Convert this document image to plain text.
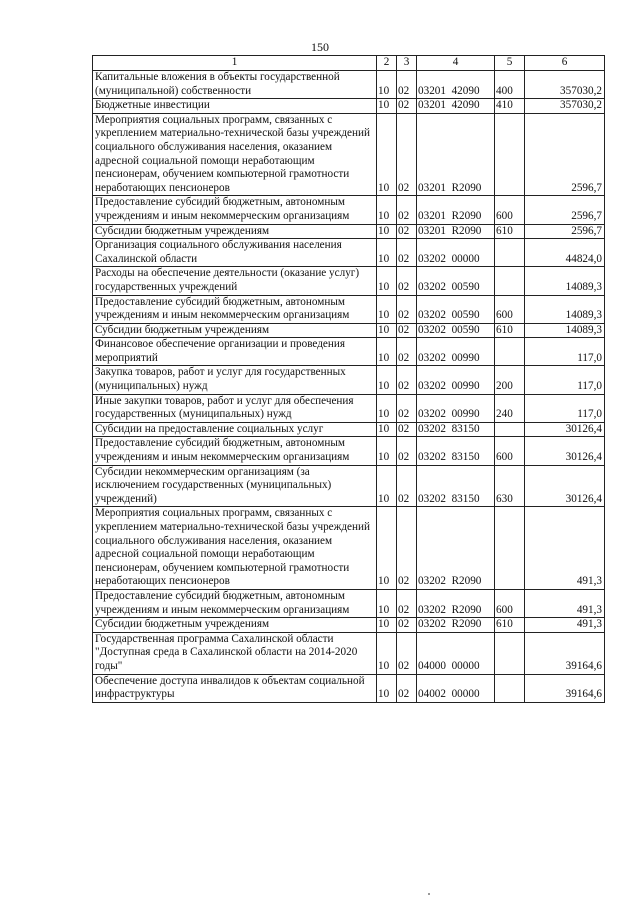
150
1	2	3	4	5	6
Капитальные вложения в объекты государственной (муниципальной) собственности	10	02	03201  42090	400	357030,2
Бюджетные инвестиции	10	02	03201  42090	410	357030,2
Мероприятия социальных программ, связанных с укреплением материально-технической базы учреждений социального обслуживания населения, оказанием адресной социальной помощи неработающим пенсионерам, обучением компьютерной грамотности неработающих пенсионеров	10	02	03201  R2090		2596,7
Предоставление субсидий бюджетным, автономным учреждениям и иным некоммерческим организациям	10	02	03201  R2090	600	2596,7
Субсидии бюджетным учреждениям	10	02	03201  R2090	610	2596,7
Организация социального обслуживания населения Сахалинской области	10	02	03202  00000		44824,0
Расходы на обеспечение деятельности (оказание услуг) государственных учреждений	10	02	03202  00590		14089,3
Предоставление субсидий бюджетным, автономным учреждениям и иным некоммерческим организациям	10	02	03202  00590	600	14089,3
Субсидии бюджетным учреждениям	10	02	03202  00590	610	14089,3
Финансовое обеспечение организации и проведения мероприятий	10	02	03202  00990		117,0
Закупка товаров, работ и услуг для государственных (муниципальных) нужд	10	02	03202  00990	200	117,0
Иные закупки товаров, работ и услуг для обеспечения государственных (муниципальных) нужд	10	02	03202  00990	240	117,0
Субсидии на предоставление социальных услуг	10	02	03202  83150		30126,4
Предоставление субсидий бюджетным, автономным учреждениям и иным некоммерческим организациям	10	02	03202  83150	600	30126,4
Субсидии некоммерческим организациям (за исключением государственных (муниципальных) учреждений)	10	02	03202  83150	630	30126,4
Мероприятия социальных программ, связанных с укреплением материально-технической базы учреждений социального обслуживания населения, оказанием адресной социальной помощи неработающим пенсионерам, обучением компьютерной грамотности неработающих пенсионеров	10	02	03202  R2090		491,3
Предоставление субсидий бюджетным, автономным учреждениям и иным некоммерческим организациям	10	02	03202  R2090	600	491,3
Субсидии бюджетным учреждениям	10	02	03202  R2090	610	491,3
Государственная программа Сахалинской области "Доступная среда в Сахалинской области на 2014-2020 годы"	10	02	04000  00000		39164,6
Обеспечение доступа инвалидов к объектам социальной инфраструктуры	10	02	04002  00000		39164,6
